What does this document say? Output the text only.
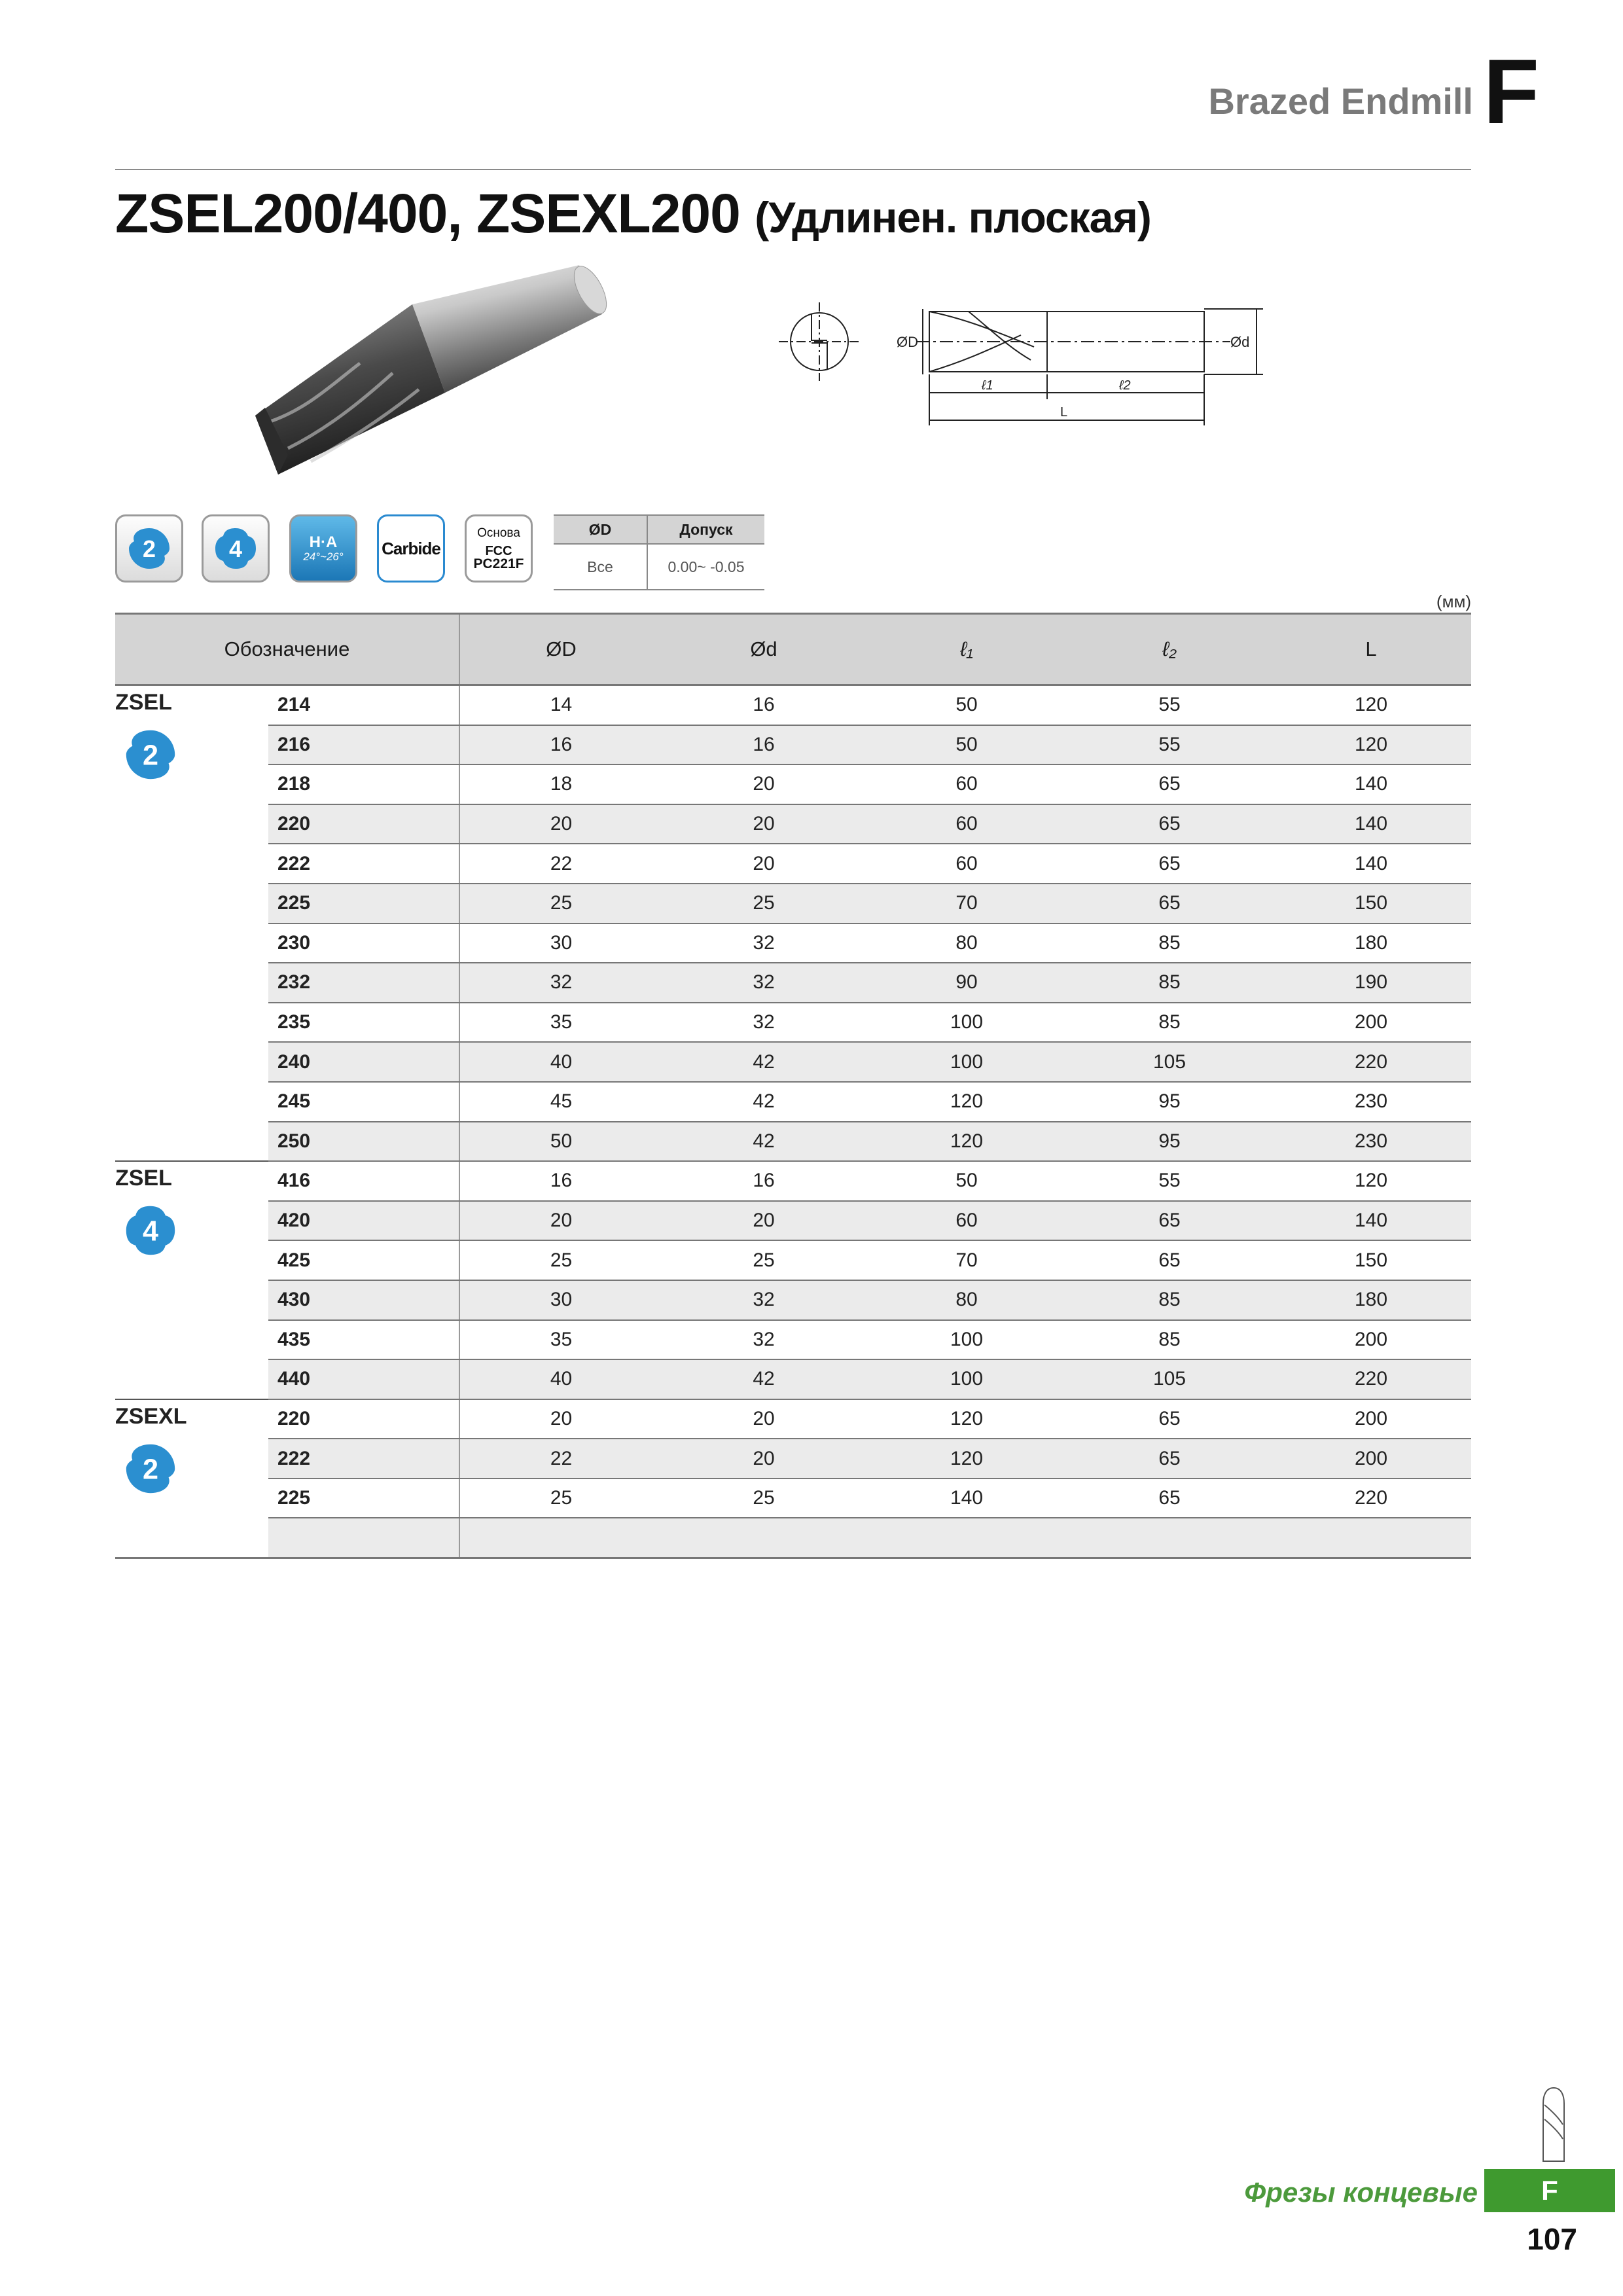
Brazed Endmill F
ZSEL200/400, ZSEXL200 (Удлинен. плоская)
ØD	Ød
ℓ1	ℓ2
L
2	4	H·A
24°~26° Carbide
Основа
FCC
PC221F
ØD	Допуск
Все	0.00~ -0.05
(мм)
Обозначение		ØD	Ød	ℓ₁	ℓ₂	L

ZSEL
2	214	14	16	50	55	120
	216	16	16	50	55	120
	218	18	20	60	65	140
	220	20	20	60	65	140
	222	22	20	60	65	140
	225	25	25	70	65	150
	230	30	32	80	85	180
	232	32	32	90	85	190
	235	35	32	100	85	200
	240	40	42	100	105	220
	245	45	42	120	95	230
	250	50	42	120	95	230

ZSEL
4	416	16	16	50	55	120
	420	20	20	60	65	140
	425	25	25	70	65	150
	430	30	32	80	85	180
	435	35	32	100	85	200
	440	40	42	100	105	220

ZSEXL
2	220	20	20	120	65	200
	222	22	20	120	65	200
	225	25	25	140	65	220

Фрезы концевые	F
107
